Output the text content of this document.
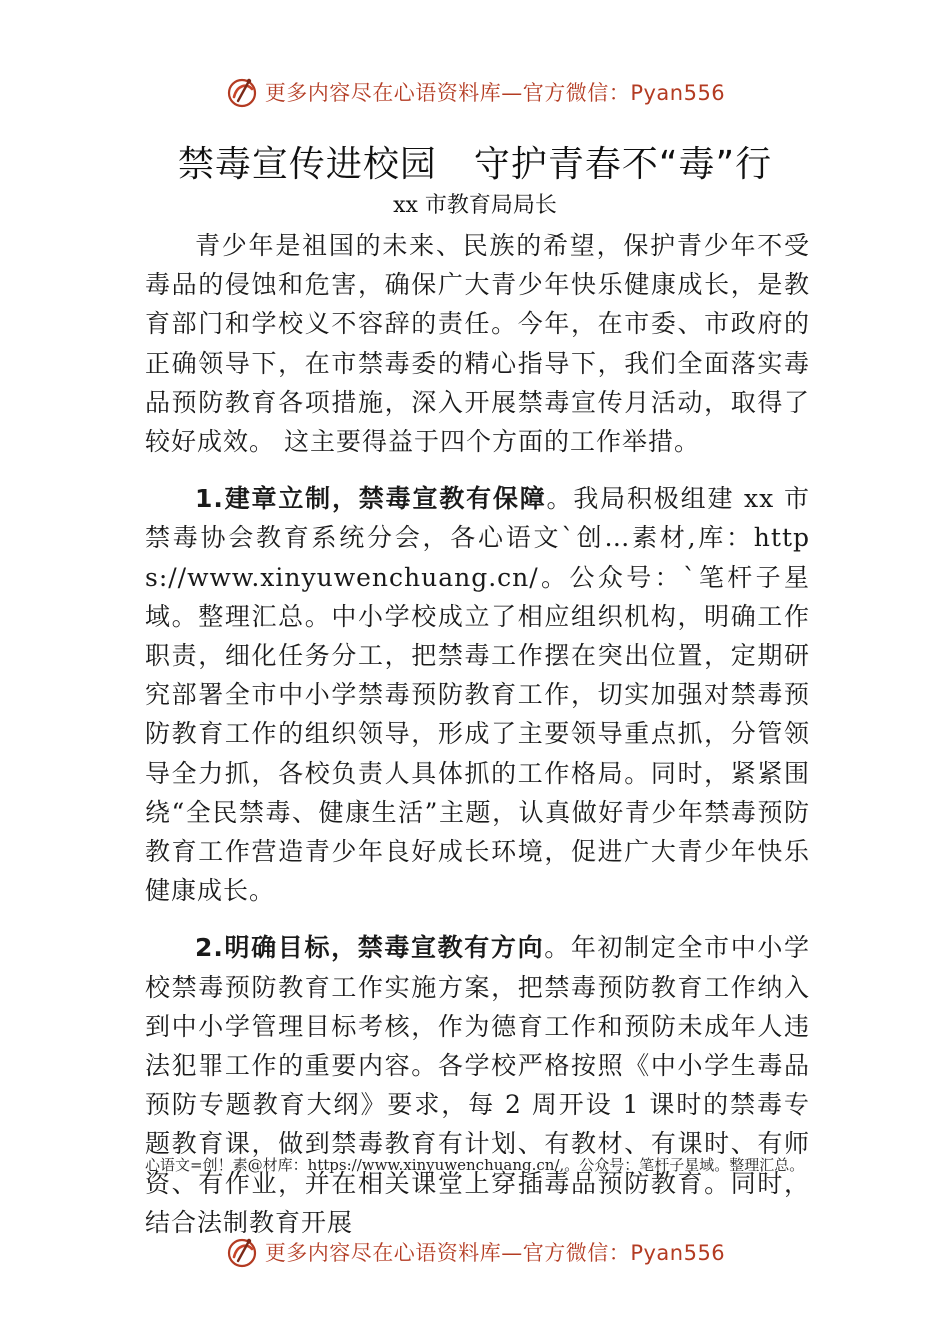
更多内容尽在心语资料库—官方微信：Pyan556
禁毒宣传进校园　守护青春不“毒”行
xx 市教育局局长

青少年是祖国的未来、民族的希望，保护青少年不受毒品的侵蚀和危害，确保广大青少年快乐健康成长，是教育部门和学校义不容辞的责任。今年，在市委、市政府的正确领导下，在市禁毒委的精心指导下，我们全面落实毒品预防教育各项措施，深入开展禁毒宣传月活动，取得了较好成效。 这主要得益于四个方面的工作举措。

1.建章立制，禁毒宣教有保障。我局积极组建 xx 市禁毒协会教育系统分会，各心语文`创…素材,库：https://www.xinyuwenchuang.cn/。公众号：`笔杆子星域。整理汇总。中小学校成立了相应组织机构，明确工作职责，细化任务分工，把禁毒工作摆在突出位置，定期研究部署全市中小学禁毒预防教育工作，切实加强对禁毒预防教育工作的组织领导，形成了主要领导重点抓，分管领导全力抓，各校负责人具体抓的工作格局。同时，紧紧围绕“全民禁毒、健康生活”主题，认真做好青少年禁毒预防教育工作营造青少年良好成长环境，促进广大青少年快乐健康成长。

2.明确目标，禁毒宣教有方向。年初制定全市中小学校禁毒预防教育工作实施方案，把禁毒预防教育工作纳入到中小学管理目标考核，作为德育工作和预防未成年人违法犯罪工作的重要内容。各学校严格按照《中小学生毒品预防专题教育大纲》要求，每 2 周开设 1 课时的禁毒专题教育课，做到禁毒教育有计划、有教材、有课时、有师资、有作业，并在相关课堂上穿插毒品预防教育。同时，结合法制教育开展

心语文=创！素@材库：https://www.xinyuwenchuang.cn/,。公众号：笔杆子星域。整理汇总。
更多内容尽在心语资料库—官方微信：Pyan556
